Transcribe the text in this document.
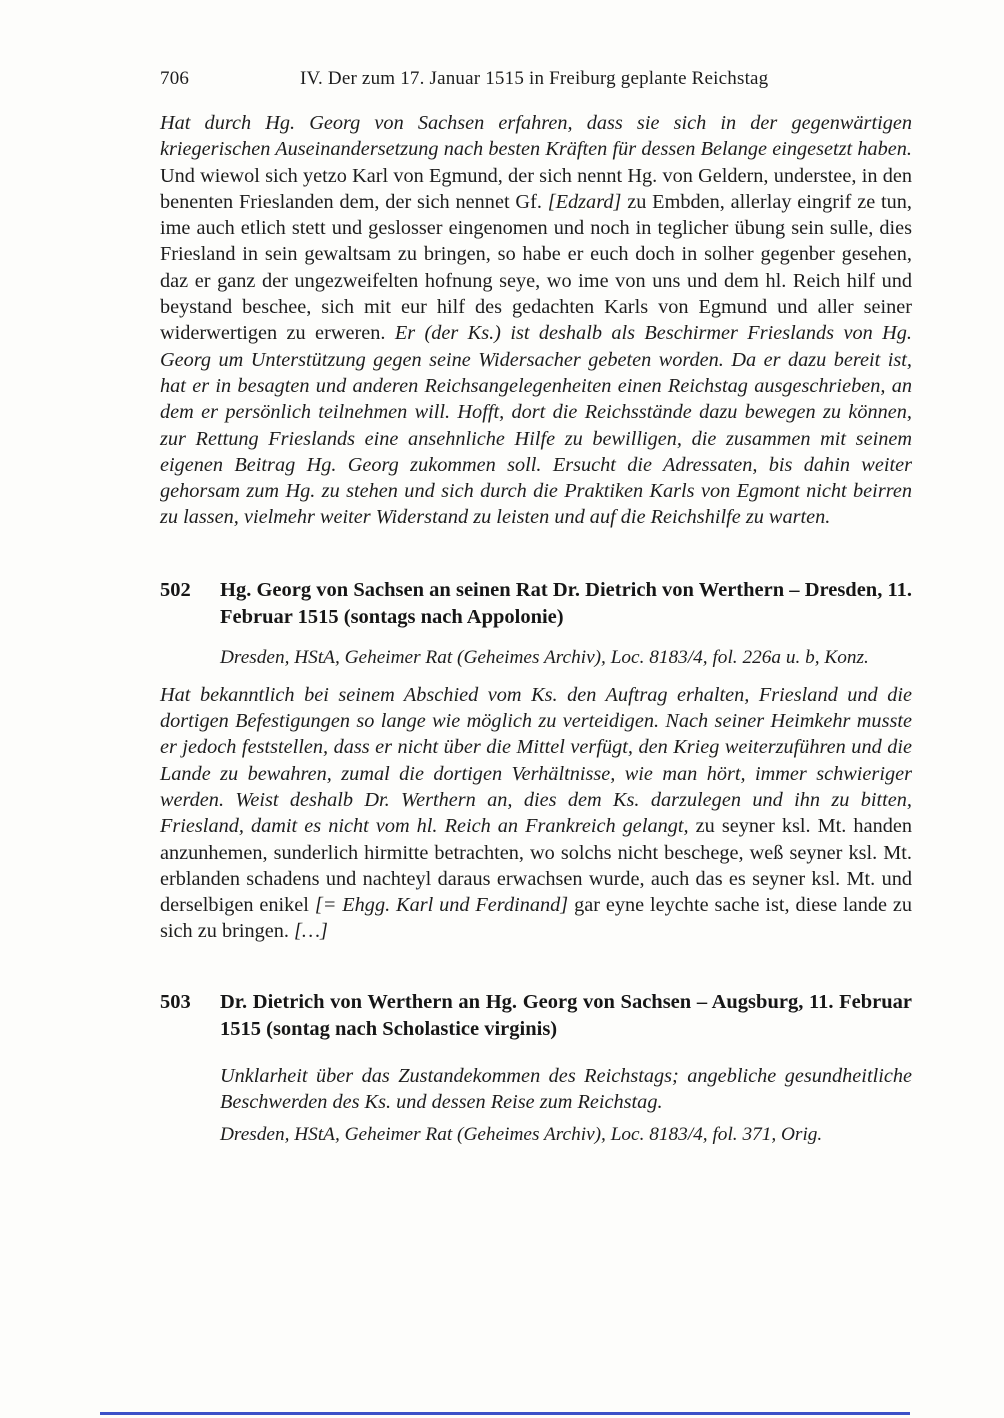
706	IV. Der zum 17. Januar 1515 in Freiburg geplante Reichstag

Hat durch Hg. Georg von Sachsen erfahren, dass sie sich in der gegenwärtigen kriegerischen Auseinandersetzung nach besten Kräften für dessen Belange eingesetzt haben. Und wiewol sich yetzo Karl von Egmund, der sich nennt Hg. von Geldern, understee, in den benenten Frieslanden dem, der sich nennet Gf. [Edzard] zu Embden, allerlay eingrif ze tun, ime auch etlich stett und geslosser eingenomen und noch in teglicher übung sein sulle, dies Friesland in sein gewaltsam zu bringen, so habe er euch doch in solher gegenber gesehen, daz er ganz der ungezweifelten hofnung seye, wo ime von uns und dem hl. Reich hilf und beystand beschee, sich mit eur hilf des gedachten Karls von Egmund und aller seiner widerwertigen zu erweren. Er (der Ks.) ist deshalb als Beschirmer Frieslands von Hg. Georg um Unterstützung gegen seine Widersacher gebeten worden. Da er dazu bereit ist, hat er in besagten und anderen Reichsangelegenheiten einen Reichstag ausgeschrieben, an dem er persönlich teilnehmen will. Hofft, dort die Reichsstände dazu bewegen zu können, zur Rettung Frieslands eine ansehnliche Hilfe zu bewilligen, die zusammen mit seinem eigenen Beitrag Hg. Georg zukommen soll. Ersucht die Adressaten, bis dahin weiter gehorsam zum Hg. zu stehen und sich durch die Praktiken Karls von Egmont nicht beirren zu lassen, vielmehr weiter Widerstand zu leisten und auf die Reichshilfe zu warten.

502	Hg. Georg von Sachsen an seinen Rat Dr. Dietrich von Werthern – Dresden, 11. Februar 1515 (sontags nach Appolonie)

Dresden, HStA, Geheimer Rat (Geheimes Archiv), Loc. 8183/4, fol. 226a u. b, Konz.

Hat bekanntlich bei seinem Abschied vom Ks. den Auftrag erhalten, Friesland und die dortigen Befestigungen so lange wie möglich zu verteidigen. Nach seiner Heimkehr musste er jedoch feststellen, dass er nicht über die Mittel verfügt, den Krieg weiterzuführen und die Lande zu bewahren, zumal die dortigen Verhältnisse, wie man hört, immer schwieriger werden. Weist deshalb Dr. Werthern an, dies dem Ks. darzulegen und ihn zu bitten, Friesland, damit es nicht vom hl. Reich an Frankreich gelangt, zu seyner ksl. Mt. handen anzunhemen, sunderlich hirmitte betrachten, wo solchs nicht beschege, weß seyner ksl. Mt. erblanden schadens und nachteyl daraus erwachsen wurde, auch das es seyner ksl. Mt. und derselbigen enikel [= Ehgg. Karl und Ferdinand] gar eyne leychte sache ist, diese lande zu sich zu bringen. […]

503	Dr. Dietrich von Werthern an Hg. Georg von Sachsen – Augsburg, 11. Februar 1515 (sontag nach Scholastice virginis)

Unklarheit über das Zustandekommen des Reichstags; angebliche gesundheitliche Beschwerden des Ks. und dessen Reise zum Reichstag.

Dresden, HStA, Geheimer Rat (Geheimes Archiv), Loc. 8183/4, fol. 371, Orig.
